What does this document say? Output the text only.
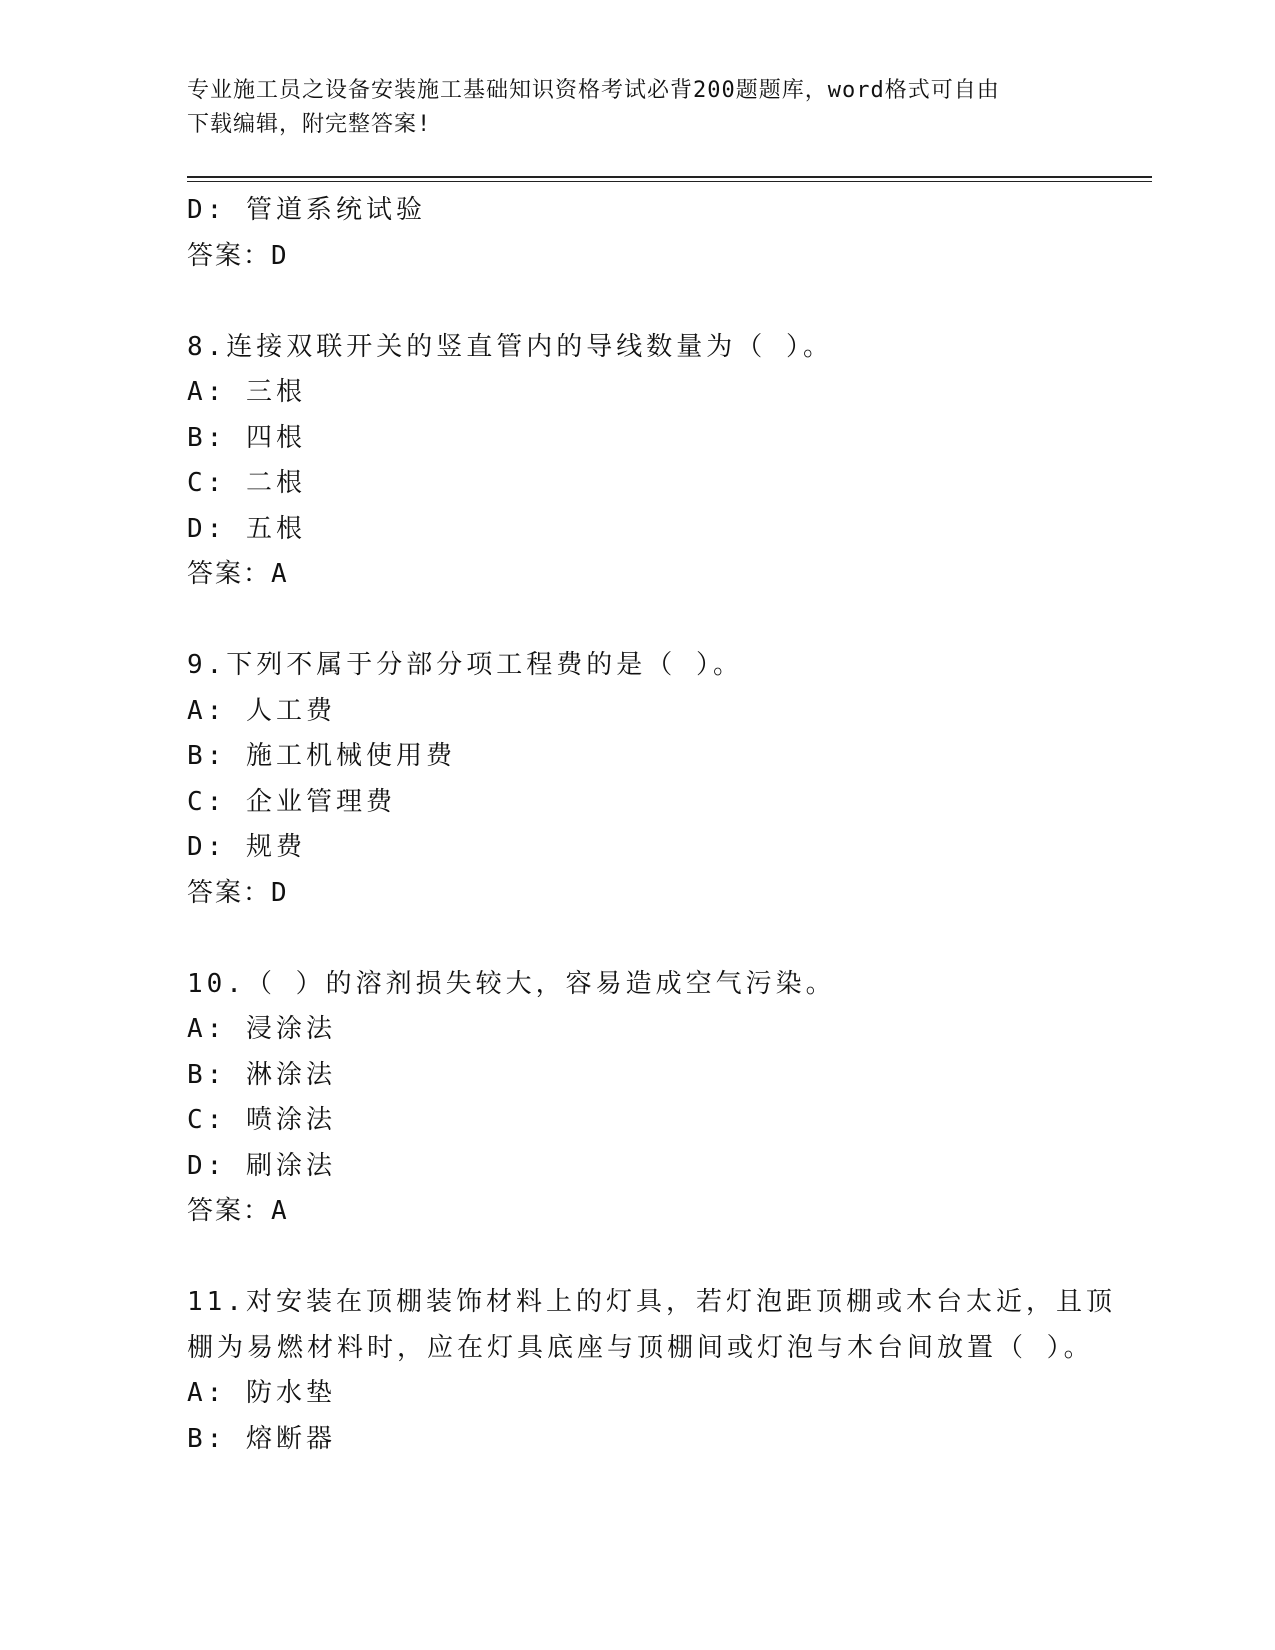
专业施工员之设备安装施工基础知识资格考试必背200题题库，word格式可自由
下载编辑，附完整答案!
D: 管道系统试验
答案：D
8.连接双联开关的竖直管内的导线数量为（ ）。
A: 三根
B: 四根
C: 二根
D: 五根
答案：A
9.下列不属于分部分项工程费的是（ ）。
A: 人工费
B: 施工机械使用费
C: 企业管理费
D: 规费
答案：D
10.（ ）的溶剂损失较大，容易造成空气污染。
A: 浸涂法
B: 淋涂法
C: 喷涂法
D: 刷涂法
答案：A
11.对安装在顶棚装饰材料上的灯具，若灯泡距顶棚或木台太近，且顶
棚为易燃材料时，应在灯具底座与顶棚间或灯泡与木台间放置（ ）。
A: 防水垫
B: 熔断器
